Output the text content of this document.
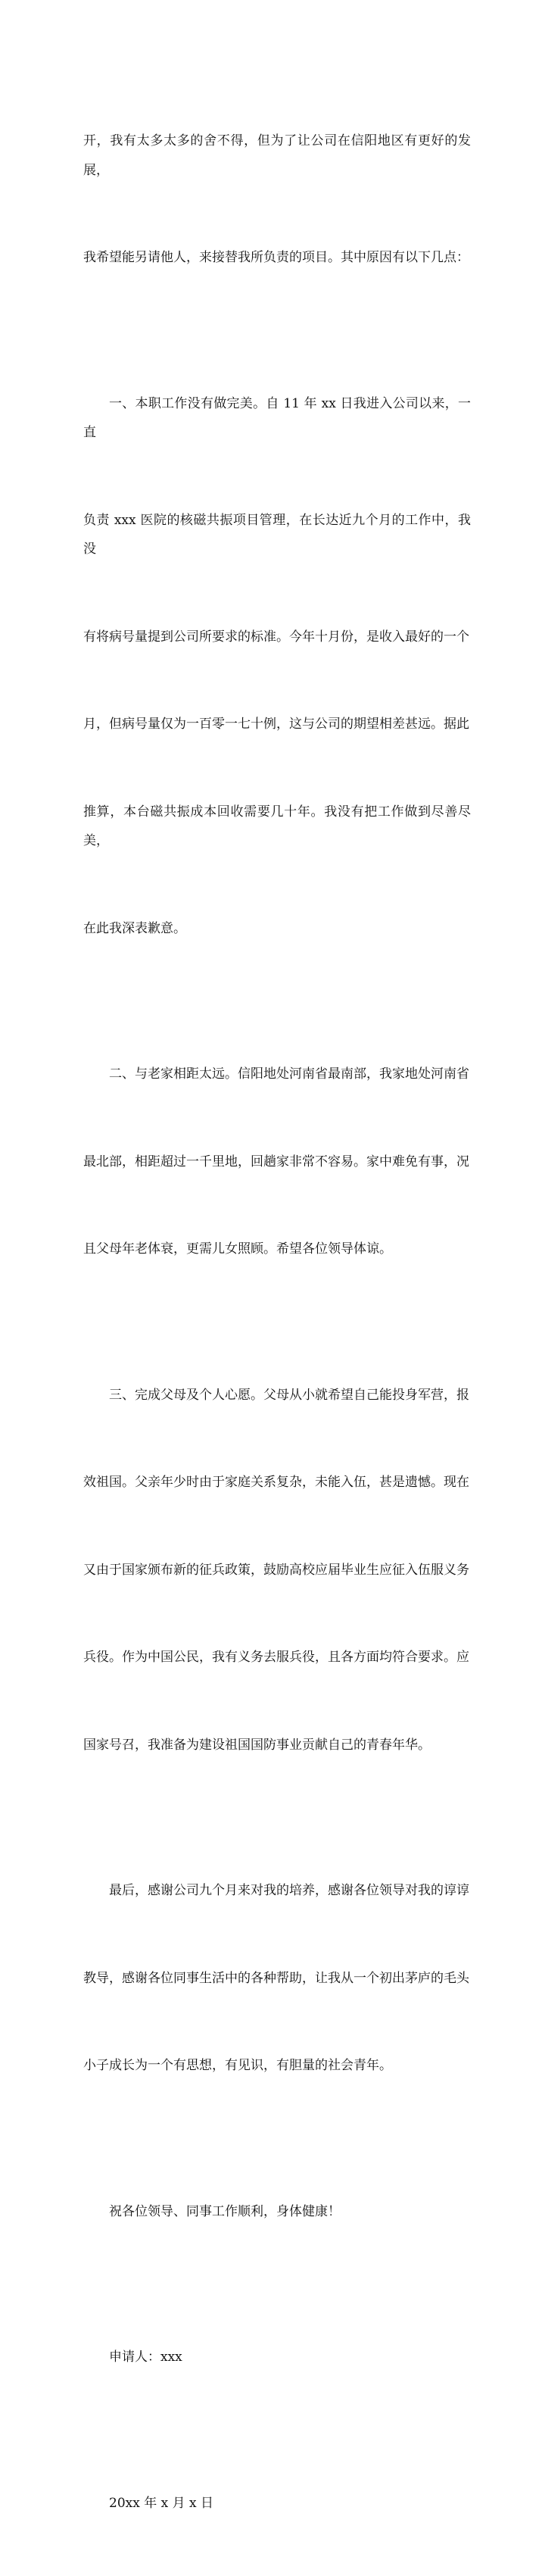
开，我有太多太多的舍不得，但为了让公司在信阳地区有更好的发展，

我希望能另请他人，来接替我所负责的项目。其中原因有以下几点：

一、本职工作没有做完美。自 11 年 xx 日我进入公司以来，一直

负责 xxx 医院的核磁共振项目管理，在长达近九个月的工作中，我没

有将病号量提到公司所要求的标准。今年十月份，是收入最好的一个

月，但病号量仅为一百零一七十例，这与公司的期望相差甚远。据此

推算，本台磁共振成本回收需要几十年。我没有把工作做到尽善尽美，

在此我深表歉意。

二、与老家相距太远。信阳地处河南省最南部，我家地处河南省

最北部，相距超过一千里地，回趟家非常不容易。家中难免有事，况

且父母年老体衰，更需儿女照顾。希望各位领导体谅。

三、完成父母及个人心愿。父母从小就希望自己能投身军营，报

效祖国。父亲年少时由于家庭关系复杂，未能入伍，甚是遗憾。现在

又由于国家颁布新的征兵政策，鼓励高校应届毕业生应征入伍服义务

兵役。作为中国公民，我有义务去服兵役，且各方面均符合要求。应

国家号召，我准备为建设祖国国防事业贡献自己的青春年华。

最后，感谢公司九个月来对我的培养，感谢各位领导对我的谆谆

教导，感谢各位同事生活中的各种帮助，让我从一个初出茅庐的毛头

小子成长为一个有思想，有见识，有胆量的社会青年。

祝各位领导、同事工作顺利，身体健康！

申请人：xxx

20xx 年 x 月 x 日
